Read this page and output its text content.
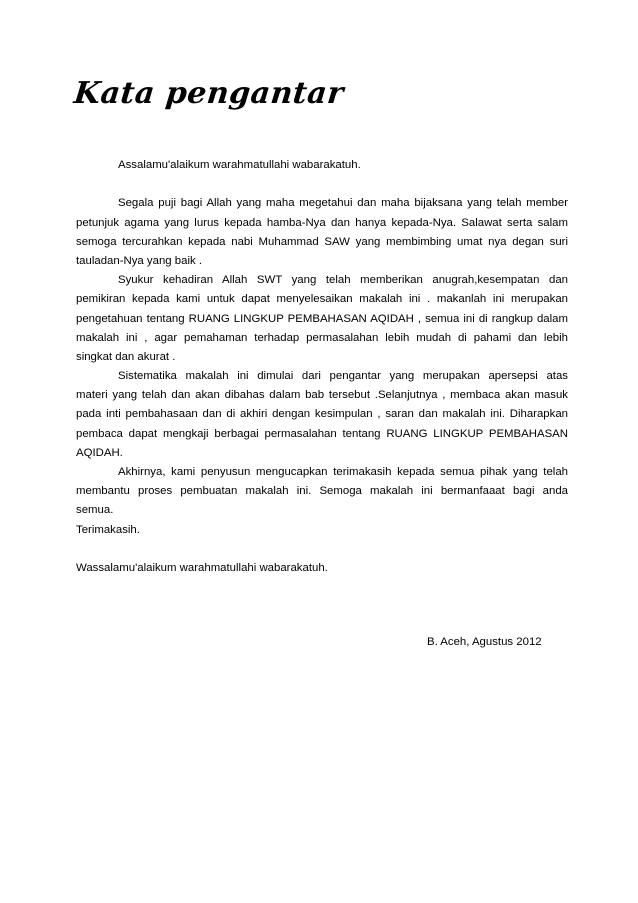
Kata pengantar
Assalamu'alaikum warahmatullahi wabarakatuh.
Segala puji bagi Allah yang maha megetahui dan maha bijaksana yang telah member
petunjuk agama yang lurus kepada hamba-Nya dan hanya kepada-Nya. Salawat serta salam
semoga tercurahkan kepada nabi Muhammad SAW yang membimbing umat nya degan suri
tauladan-Nya yang baik .
Syukur kehadiran Allah SWT yang telah memberikan anugrah,kesempatan dan
pemikiran kepada kami untuk dapat menyelesaikan makalah ini . makanlah ini merupakan
pengetahuan tentang RUANG LINGKUP PEMBAHASAN AQIDAH , semua ini di rangkup dalam
makalah ini , agar pemahaman terhadap permasalahan lebih mudah di pahami dan lebih
singkat dan akurat .
Sistematika makalah ini dimulai dari pengantar yang merupakan apersepsi atas
materi yang telah dan akan dibahas dalam bab tersebut .Selanjutnya , membaca akan masuk
pada inti pembahasaan dan di akhiri dengan kesimpulan , saran dan makalah ini. Diharapkan
pembaca dapat mengkaji berbagai permasalahan tentang RUANG LINGKUP PEMBAHASAN
AQIDAH.
Akhirnya, kami penyusun mengucapkan terimakasih kepada semua pihak yang telah
membantu proses pembuatan makalah ini. Semoga makalah ini bermanfaaat bagi anda
semua.
Terimakasih.
Wassalamu'alaikum warahmatullahi wabarakatuh.
B. Aceh, Agustus 2012
